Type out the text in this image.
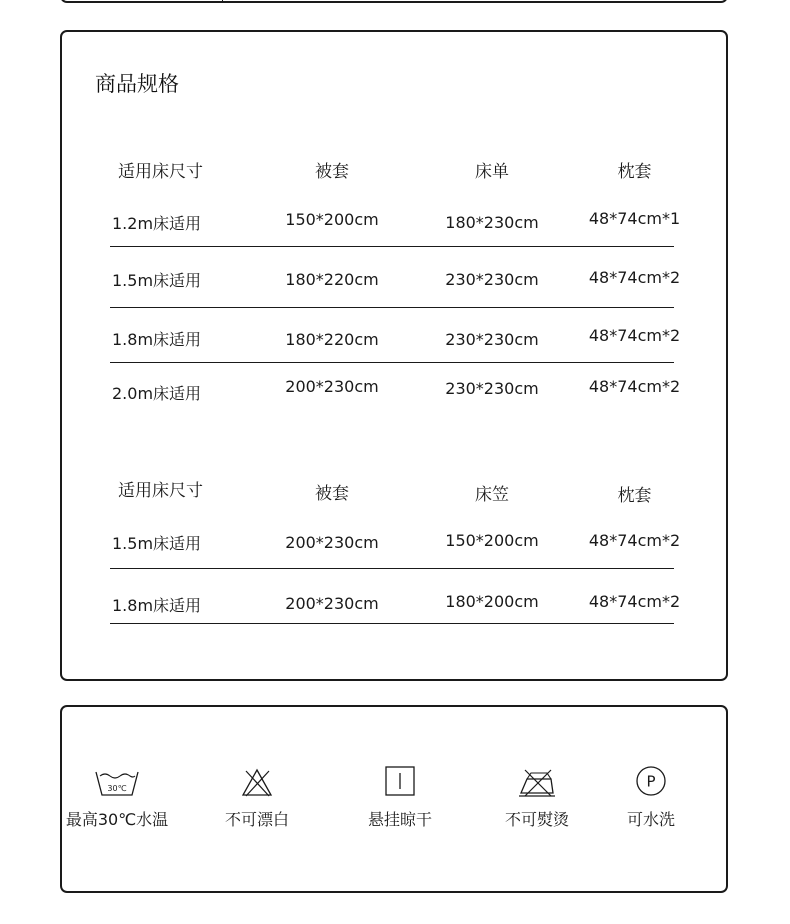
商品规格
适用床尺寸	被套	床单	枕套
1.2m床适用	150*200cm	180*230cm	48*74cm*1
1.5m床适用	180*220cm	230*230cm	48*74cm*2
1.8m床适用	180*220cm	230*230cm	48*74cm*2
2.0m床适用	200*230cm	230*230cm	48*74cm*2
适用床尺寸	被套	床笠	枕套
1.5m床适用	200*230cm	150*200cm	48*74cm*2
1.8m床适用	200*230cm	180*200cm	48*74cm*2
30℃
最高30℃水温	不可漂白	悬挂晾干	不可熨烫
P
可水洗
